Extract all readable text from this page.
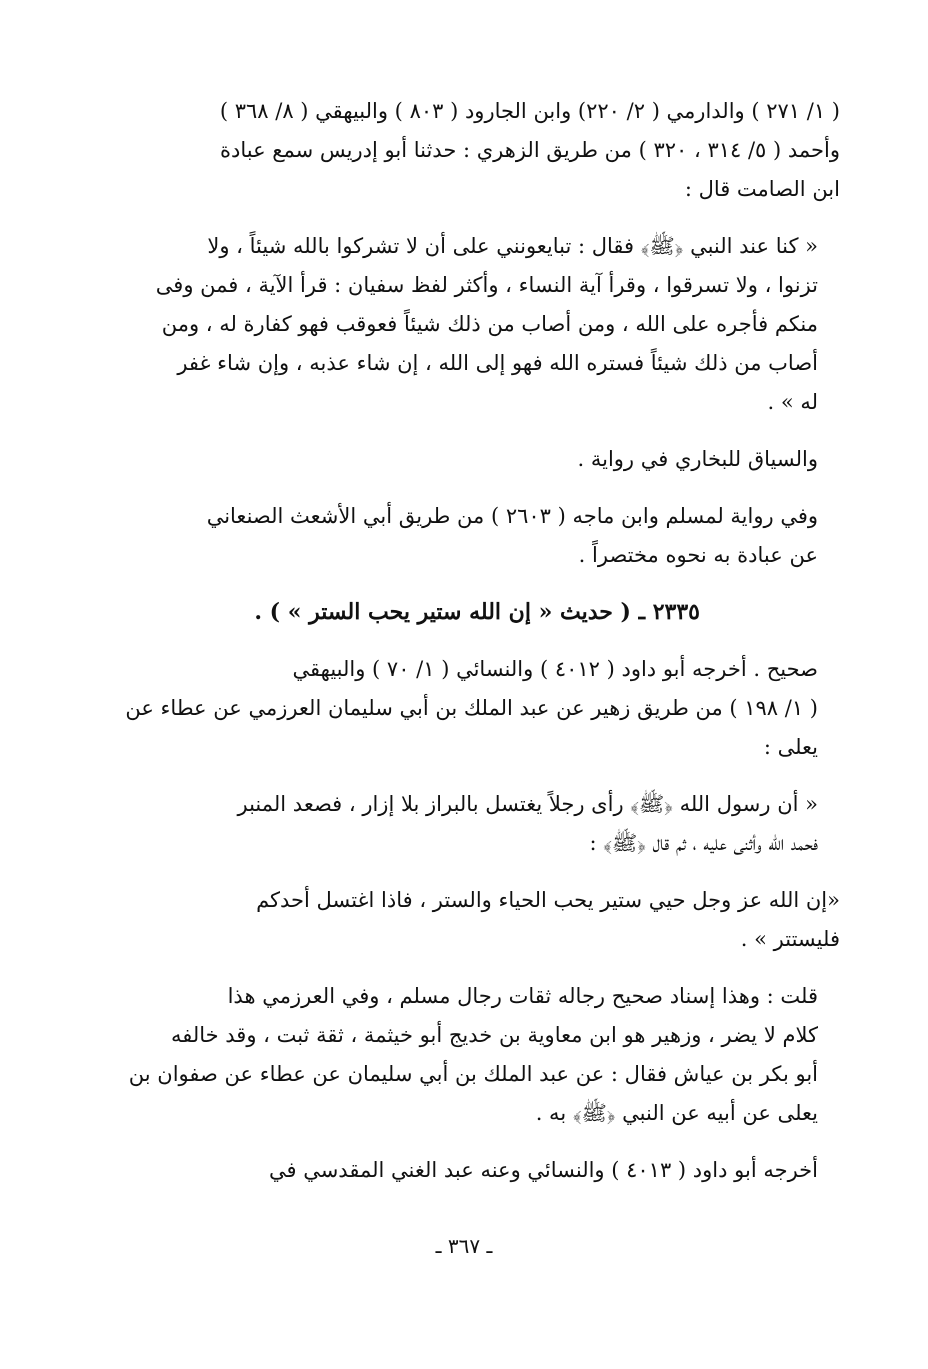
( ١/ ٢٧١ ) والدارمي ( ٢/ ٢٢٠) وابن الجارود ( ٨٠٣ ) والبيهقي ( ٨/ ٣٦٨ )
وأحمد ( ٥/ ٣١٤ ، ٣٢٠ ) من طريق الزهري : حدثنا أبو إدريس سمع عبادة
ابن الصامت قال :

« كنا عند النبي ﴿ﷺ﴾ فقال : تبايعونني على أن لا تشركوا بالله شيئاً ، ولا
تزنوا ، ولا تسرقوا ، وقرأ آية النساء ، وأكثر لفظ سفيان : قرأ الآية ، فمن وفى
منكم فأجره على الله ، ومن أصاب من ذلك شيئاً فعوقب فهو كفارة له ، ومن
أصاب من ذلك شيئاً فستره الله فهو إلى الله ، إن شاء عذبه ، وإن شاء غفر
له » .

والسياق للبخاري في رواية .

وفي رواية لمسلم وابن ماجه ( ٢٦٠٣ ) من طريق أبي الأشعث الصنعاني
عن عبادة به نحوه مختصراً .

٢٣٣٥ ـ ( حديث « إن الله ستير يحب الستر » ) .

صحيح . أخرجه أبو داود ( ٤٠١٢ ) والنسائي ( ١/ ٧٠ ) والبيهقي
( ١/ ١٩٨ ) من طريق زهير عن عبد الملك بن أبي سليمان العرزمي عن عطاء عن
يعلى :

« أن رسول الله ﴿ﷺ﴾ رأى رجلاً يغتسل بالبراز بلا إزار ، فصعد المنبر
فحمد الله وأثنى عليه ، ثم قال ﴿ﷺ﴾ :

«إن الله عز وجل حيي ستير يحب الحياء والستر ، فاذا اغتسل أحدكم
فليستتر » .

قلت : وهذا إسناد صحيح رجاله ثقات رجال مسلم ، وفي العرزمي هذا
كلام لا يضر ، وزهير هو ابن معاوية بن خديج أبو خيثمة ، ثقة ثبت ، وقد خالفه
أبو بكر بن عياش فقال : عن عبد الملك بن أبي سليمان عن عطاء عن صفوان بن
يعلى عن أبيه عن النبي ﴿ﷺ﴾ به .

أخرجه أبو داود ( ٤٠١٣ ) والنسائي وعنه عبد الغني المقدسي في

ـ ٣٦٧ ـ
